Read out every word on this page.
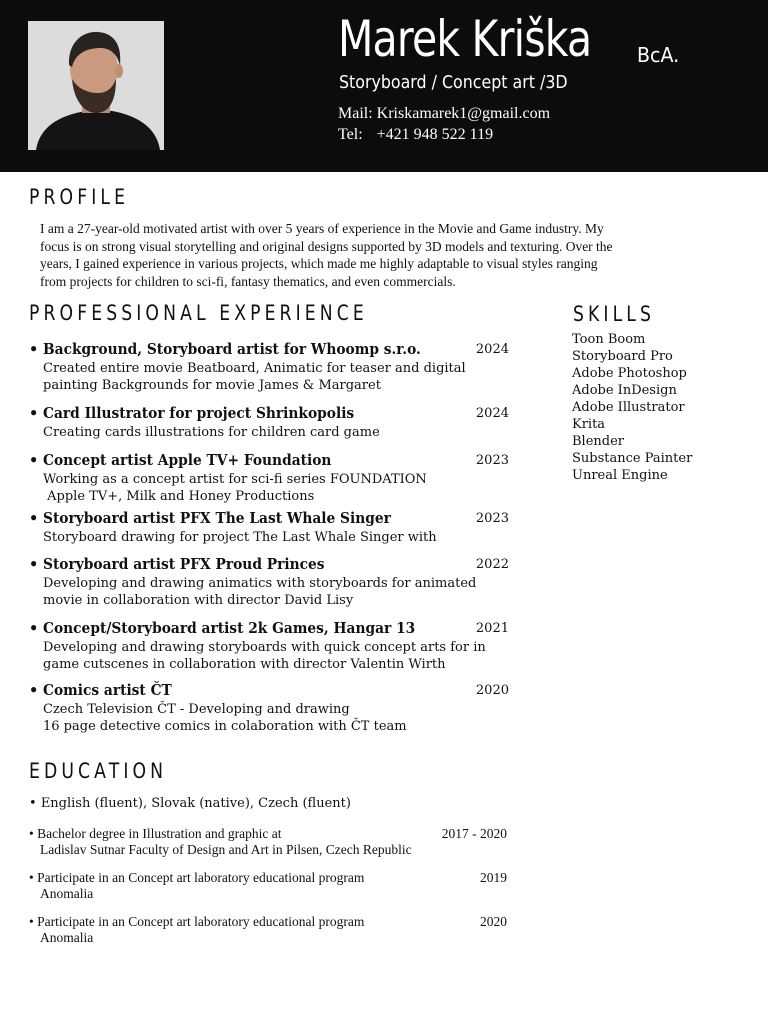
Marek Kriška BcA.
Storyboard / Concept art /3D
Mail: Kriskamarek1@gmail.com
Tel: +421 948 522 119
PROFILE
I am a 27-year-old motivated artist with over 5 years of experience in the Movie and Game industry. My
focus is on strong visual storytelling and original designs supported by 3D models and texturing. Over the
years, I gained experience in various projects, which made me highly adaptable to visual styles ranging
from projects for children to sci-fi, fantasy thematics, and even commercials.
PROFESSIONAL EXPERIENCE
• Background, Storyboard artist for Whoomp s.r.o.	2024
Created entire movie Beatboard, Animatic for teaser and digital
painting Backgrounds for movie James & Margaret
• Card Illustrator for project Shrinkopolis	2024
Creating cards illustrations for children card game
• Concept artist Apple TV+ Foundation	2023
Working as a concept artist for sci-fi series FOUNDATION
Apple TV+, Milk and Honey Productions
• Storyboard artist PFX The Last Whale Singer	2023
Storyboard drawing for project The Last Whale Singer with
• Storyboard artist PFX Proud Princes	2022
Developing and drawing animatics with storyboards for animated
movie in collaboration with director David Lisy
• Concept/Storyboard artist 2k Games, Hangar 13	2021
Developing and drawing storyboards with quick concept arts for in
game cutscenes in collaboration with director Valentin Wirth
• Comics artist ČT	2020
Czech Television ČT - Developing and drawing
16 page detective comics in colaboration with ČT team
SKILLS
Toon Boom
Storyboard Pro
Adobe Photoshop
Adobe InDesign
Adobe Illustrator
Krita
Blender
Substance Painter
Unreal Engine
EDUCATION
• English (fluent), Slovak (native), Czech (fluent)
• Bachelor degree in Illustration and graphic at	2017 - 2020
Ladislav Sutnar Faculty of Design and Art in Pilsen, Czech Republic
• Participate in an Concept art laboratory educational program	2019
Anomalia
• Participate in an Concept art laboratory educational program	2020
Anomalia
